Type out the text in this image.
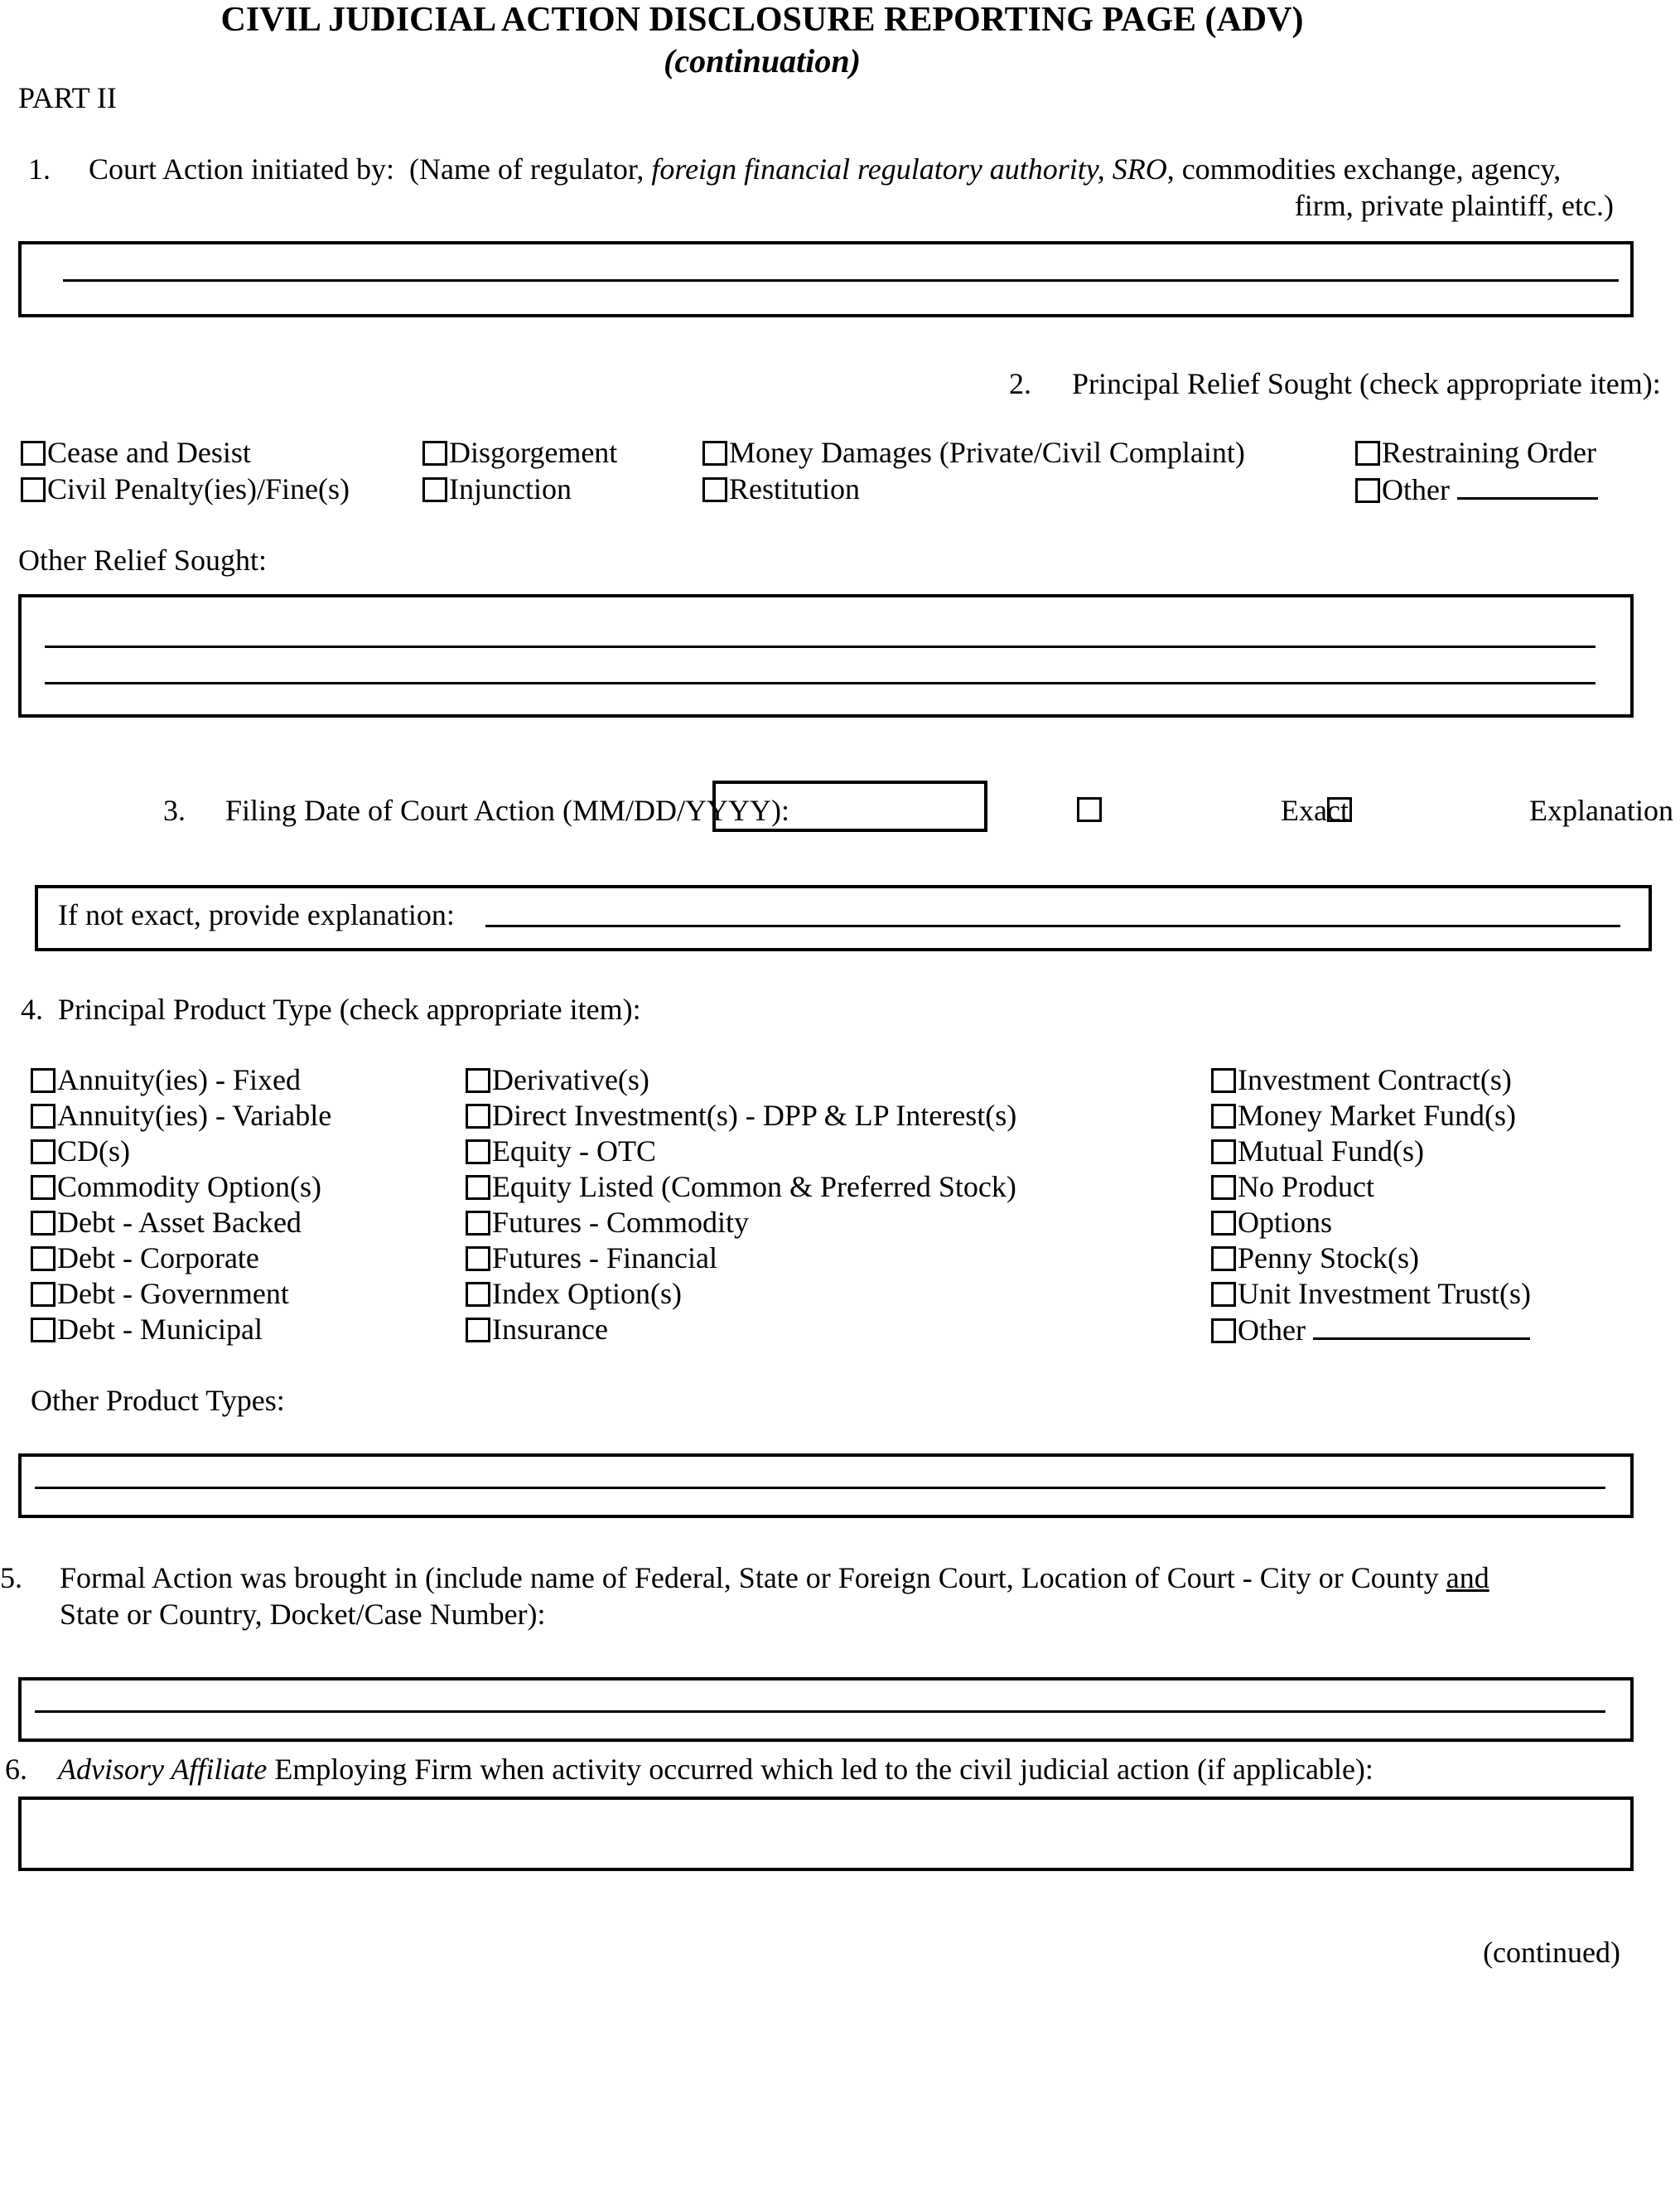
CIVIL JUDICIAL ACTION DISCLOSURE REPORTING PAGE (ADV)
(continuation)
PART II
1. Court Action initiated by: (Name of regulator, foreign financial regulatory authority, SRO, commodities exchange, agency,
firm, private plaintiff, etc.)
2. Principal Relief Sought (check appropriate item):
Cease and Desist
Civil Penalty(ies)/Fine(s)
Disgorgement
Injunction
Money Damages (Private/Civil Complaint)
Restitution
Restraining Order
Other
Other Relief Sought:
3. Filing Date of Court Action (MM/DD/YYYY):	Exact	Explanation
If not exact, provide explanation:
4. Principal Product Type (check appropriate item):
Annuity(ies) - Fixed
Annuity(ies) - Variable
CD(s)
Commodity Option(s)
Debt - Asset Backed
Debt - Corporate
Debt - Government
Debt - Municipal
Derivative(s)
Direct Investment(s) - DPP & LP Interest(s)
Equity - OTC
Equity Listed (Common & Preferred Stock)
Futures - Commodity
Futures - Financial
Index Option(s)
Insurance
Investment Contract(s)
Money Market Fund(s)
Mutual Fund(s)
No Product
Options
Penny Stock(s)
Unit Investment Trust(s)
Other
Other Product Types:
5. Formal Action was brought in (include name of Federal, State or Foreign Court, Location of Court - City or County and
State or Country, Docket/Case Number):
6. Advisory Affiliate Employing Firm when activity occurred which led to the civil judicial action (if applicable):
(continued)
